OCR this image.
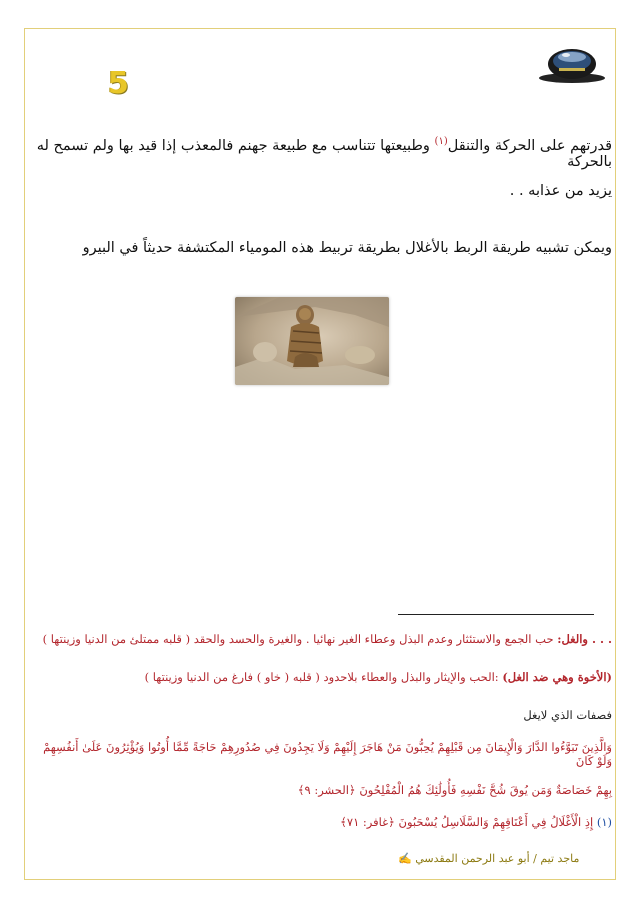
5
قدرتهم على الحركة والتنقل$^{(١)}$ وطبيعتها تتناسب مع طبيعة جهنم فالمعذب إذا قيد بها ولم تسمح له بالحركة
يزيد من عذابه . .
ويمكن تشبيه طريقة الربط بالأغلال بطريقة تربيط هذه المومياء المكتشفة حديثاً في البيرو
. . . والغل: حب الجمع والاستئثار وعدم البذل وعطاء الغير نهائيا . والغيرة والحسد والحقد ( قلبه ممتلئ من الدنيا وزينتها )
(الأخوة وهي ضد الغل) :الحب والإيثار والبذل والعطاء بلاحدود ( قلبه ( خاو ) فارغ من الدنيا وزينتها )
فصفات الذي لايغل
وَالَّذِينَ تَبَوَّءُوا الدَّارَ وَالْإِيمَانَ مِن قَبْلِهِمْ يُحِبُّونَ مَنْ هَاجَرَ إِلَيْهِمْ وَلَا يَجِدُونَ فِي صُدُورِهِمْ حَاجَةً مِّمَّا أُوتُوا وَيُؤْثِرُونَ عَلَىٰ أَنفُسِهِمْ وَلَوْ كَانَ
بِهِمْ خَصَاصَةٌ وَمَن يُوقَ شُحَّ نَفْسِهِ فَأُولَٰئِكَ هُمُ الْمُفْلِحُونَ ﴿الحشر: ٩﴾
(١) إِذِ الْأَغْلَالُ فِي أَعْنَاقِهِمْ وَالسَّلَاسِلُ يُسْحَبُونَ ﴿غافر: ٧١﴾
✍ ماجد تيم / أبو عبد الرحمن المقدسي
